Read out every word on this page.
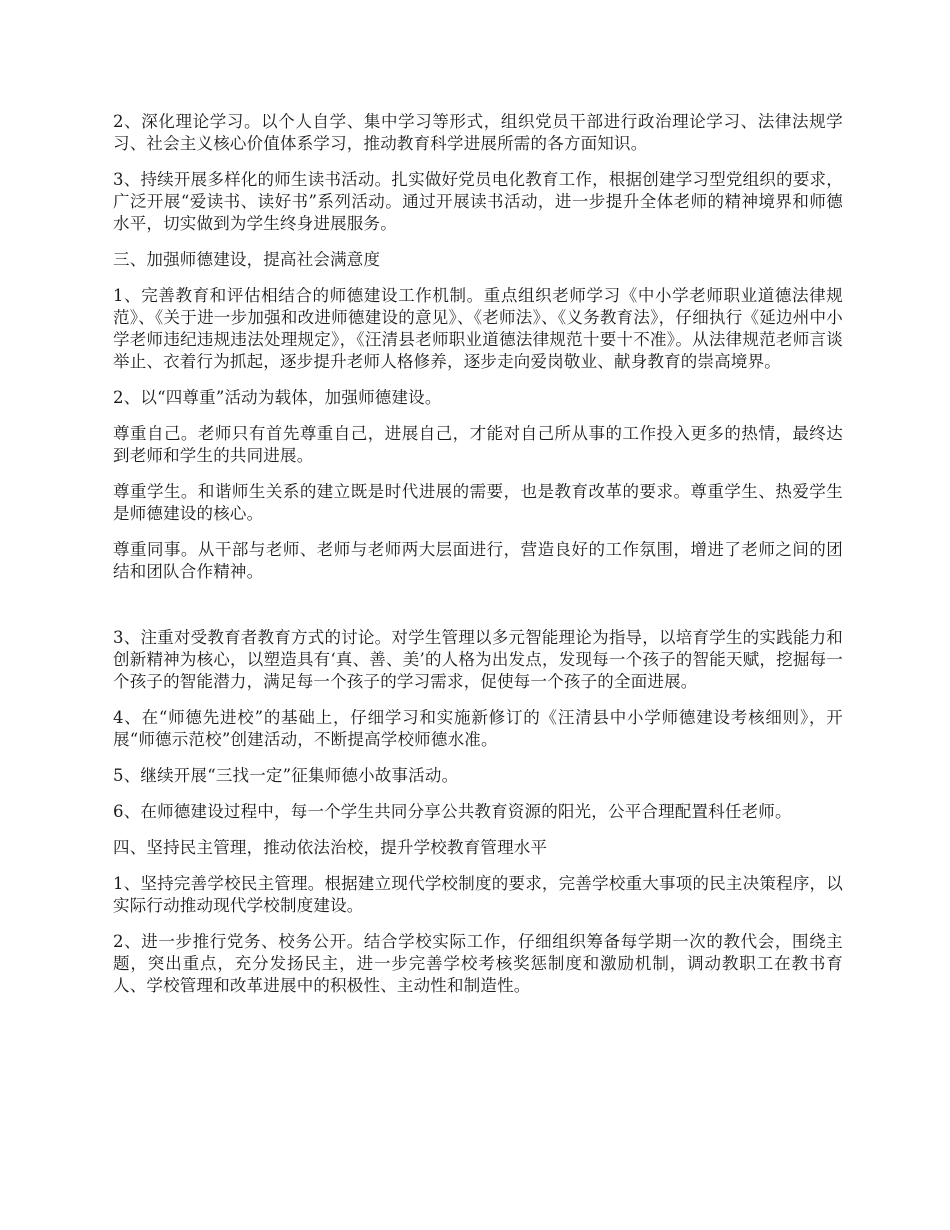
2、深化理论学习。以个人自学、集中学习等形式，组织党员干部进行政治理论学习、法律法规学习、社会主义核心价值体系学习，推动教育科学进展所需的各方面知识。

3、持续开展多样化的师生读书活动。扎实做好党员电化教育工作，根据创建学习型党组织的要求，广泛开展“爱读书、读好书”系列活动。通过开展读书活动，进一步提升全体老师的精神境界和师德水平，切实做到为学生终身进展服务。

三、加强师德建设，提高社会满意度

1、完善教育和评估相结合的师德建设工作机制。重点组织老师学习《中小学老师职业道德法律规范》、《关于进一步加强和改进师德建设的意见》、《老师法》、《义务教育法》，仔细执行《延边州中小学老师违纪违规违法处理规定》，《汪清县老师职业道德法律规范十要十不准》。从法律规范老师言谈举止、衣着行为抓起，逐步提升老师人格修养，逐步走向爱岗敬业、献身教育的崇高境界。

2、以“四尊重”活动为载体，加强师德建设。

尊重自己。老师只有首先尊重自己，进展自己，才能对自己所从事的工作投入更多的热情，最终达到老师和学生的共同进展。

尊重学生。和谐师生关系的建立既是时代进展的需要，也是教育改革的要求。尊重学生、热爱学生是师德建设的核心。

尊重同事。从干部与老师、老师与老师两大层面进行，营造良好的工作氛围，增进了老师之间的团结和团队合作精神。

3、注重对受教育者教育方式的讨论。对学生管理以多元智能理论为指导，以培育学生的实践能力和创新精神为核心，以塑造具有‘真、善、美’的人格为出发点，发现每一个孩子的智能天赋，挖掘每一个孩子的智能潜力，满足每一个孩子的学习需求，促使每一个孩子的全面进展。

4、在“师德先进校”的基础上，仔细学习和实施新修订的《汪清县中小学师德建设考核细则》，开展“师德示范校”创建活动，不断提高学校师德水准。

5、继续开展“三找一定”征集师德小故事活动。

6、在师德建设过程中，每一个学生共同分享公共教育资源的阳光，公平合理配置科任老师。

四、坚持民主管理，推动依法治校，提升学校教育管理水平

1、坚持完善学校民主管理。根据建立现代学校制度的要求，完善学校重大事项的民主决策程序，以实际行动推动现代学校制度建设。

2、进一步推行党务、校务公开。结合学校实际工作，仔细组织筹备每学期一次的教代会，围绕主题，突出重点，充分发扬民主，进一步完善学校考核奖惩制度和激励机制，调动教职工在教书育人、学校管理和改革进展中的积极性、主动性和制造性。
